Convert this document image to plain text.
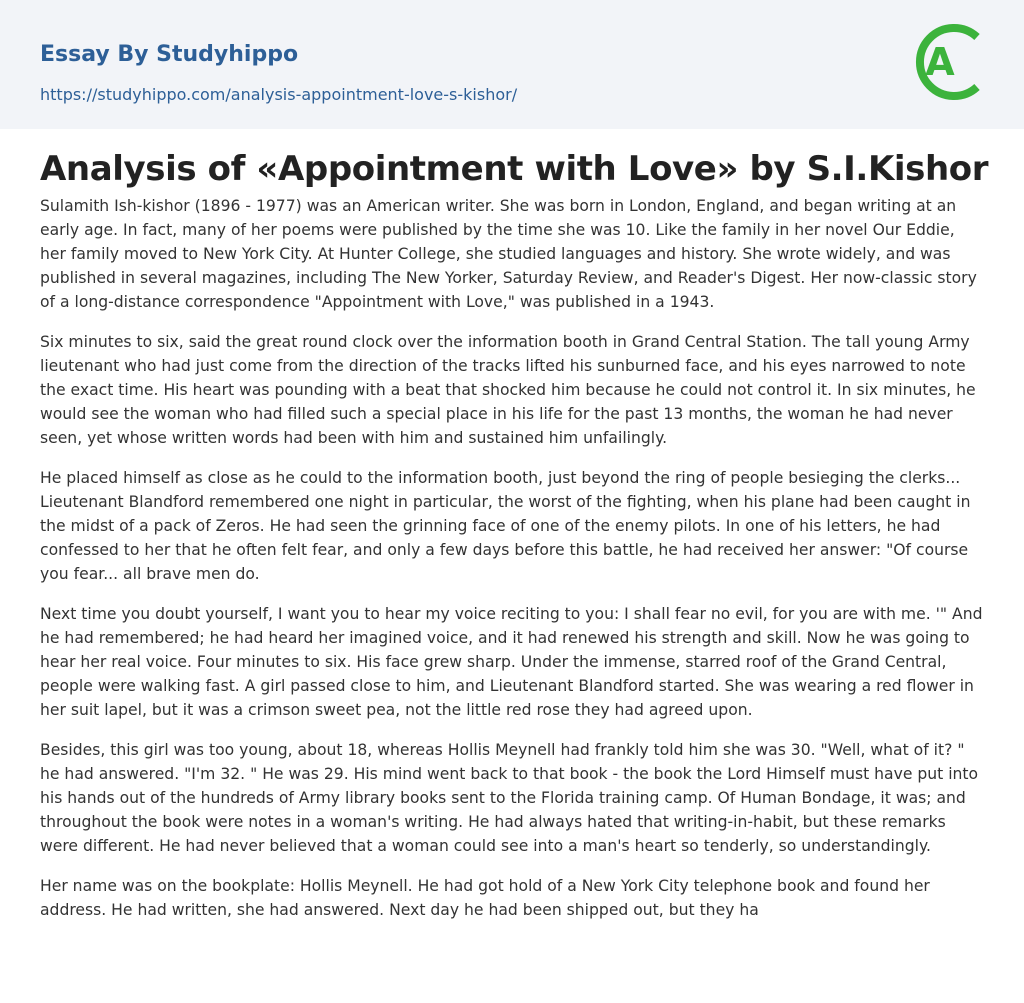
Essay By Studyhippo

https://studyhippo.com/analysis-appointment-love-s-kishor/
A
Analysis of «Appointment with Love» by S.I.Kishor

Sulamith Ish-kishor (1896 - 1977) was an American writer. She was born in London, England, and began writing at an early age. In fact, many of her poems were published by the time she was 10. Like the family in her novel Our Eddie, her family moved to New York City. At Hunter College, she studied languages and history. She wrote widely, and was published in several magazines, including The New Yorker, Saturday Review, and Reader's Digest. Her now-classic story of a long-distance correspondence "Appointment with Love," was published in a 1943.

Six minutes to six, said the great round clock over the information booth in Grand Central Station. The tall young Army lieutenant who had just come from the direction of the tracks lifted his sunburned face, and his eyes narrowed to note the exact time. His heart was pounding with a beat that shocked him because he could not control it. In six minutes, he would see the woman who had filled such a special place in his life for the past 13 months, the woman he had never seen, yet whose written words had been with him and sustained him unfailingly.

He placed himself as close as he could to the information booth, just beyond the ring of people besieging the clerks... Lieutenant Blandford remembered one night in particular, the worst of the fighting, when his plane had been caught in the midst of a pack of Zeros. He had seen the grinning face of one of the enemy pilots. In one of his letters, he had confessed to her that he often felt fear, and only a few days before this battle, he had received her answer: "Of course you fear... all brave men do.

Next time you doubt yourself, I want you to hear my voice reciting to you: I shall fear no evil, for you are with me. '" And he had remembered; he had heard her imagined voice, and it had renewed his strength and skill. Now he was going to hear her real voice. Four minutes to six. His face grew sharp. Under the immense, starred roof of the Grand Central, people were walking fast. A girl passed close to him, and Lieutenant Blandford started. She was wearing a red flower in her suit lapel, but it was a crimson sweet pea, not the little red rose they had agreed upon.

Besides, this girl was too young, about 18, whereas Hollis Meynell had frankly told him she was 30. "Well, what of it? " he had answered. "I'm 32. " He was 29. His mind went back to that book - the book the Lord Himself must have put into his hands out of the hundreds of Army library books sent to the Florida training camp. Of Human Bondage, it was; and throughout the book were notes in a woman's writing. He had always hated that writing-in-habit, but these remarks were different. He had never believed that a woman could see into a man's heart so tenderly, so understandingly.

Her name was on the bookplate: Hollis Meynell. He had got hold of a New York City telephone book and found her address. He had written, she had answered. Next day he had been shipped out, but they ha
